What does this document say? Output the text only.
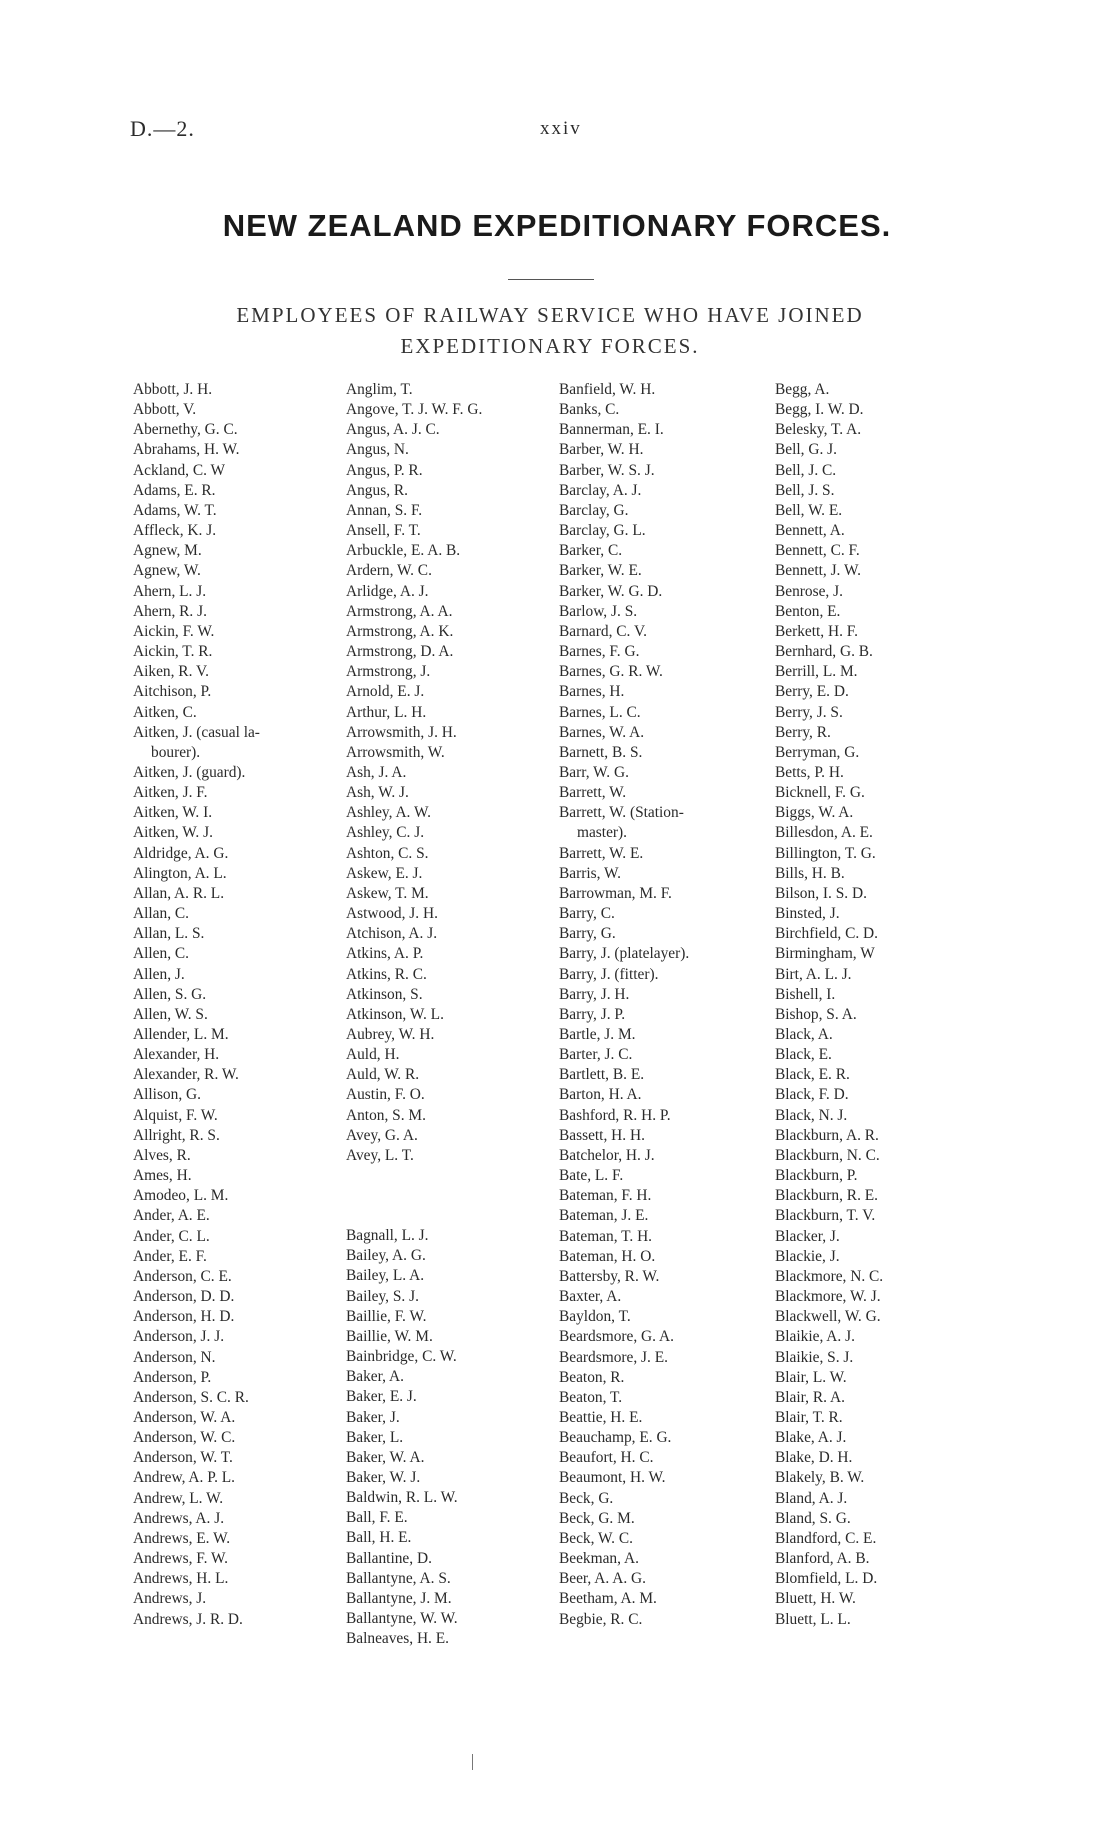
D.—2.	xxiv
NEW ZEALAND EXPEDITIONARY FORCES.
EMPLOYEES OF RAILWAY SERVICE WHO HAVE JOINED
EXPEDITIONARY FORCES.
Abbott, J. H.
Abbott, V.
Abernethy, G. C.
Abrahams, H. W.
Ackland, C. W
Adams, E. R.
Adams, W. T.
Affleck, K. J.
Agnew, M.
Agnew, W.
Ahern, L. J.
Ahern, R. J.
Aickin, F. W.
Aickin, T. R.
Aiken, R. V.
Aitchison, P.
Aitken, C.
Aitken, J. (casual la-
bourer).
Aitken, J. (guard).
Aitken, J. F.
Aitken, W. I.
Aitken, W. J.
Aldridge, A. G.
Alington, A. L.
Allan, A. R. L.
Allan, C.
Allan, L. S.
Allen, C.
Allen, J.
Allen, S. G.
Allen, W. S.
Allender, L. M.
Alexander, H.
Alexander, R. W.
Allison, G.
Alquist, F. W.
Allright, R. S.
Alves, R.
Ames, H.
Amodeo, L. M.
Ander, A. E.
Ander, C. L.
Ander, E. F.
Anderson, C. E.
Anderson, D. D.
Anderson, H. D.
Anderson, J. J.
Anderson, N.
Anderson, P.
Anderson, S. C. R.
Anderson, W. A.
Anderson, W. C.
Anderson, W. T.
Andrew, A. P. L.
Andrew, L. W.
Andrews, A. J.
Andrews, E. W.
Andrews, F. W.
Andrews, H. L.
Andrews, J.
Andrews, J. R. D.
Anglim, T.
Angove, T. J. W. F. G.
Angus, A. J. C.
Angus, N.
Angus, P. R.
Angus, R.
Annan, S. F.
Ansell, F. T.
Arbuckle, E. A. B.
Ardern, W. C.
Arlidge, A. J.
Armstrong, A. A.
Armstrong, A. K.
Armstrong, D. A.
Armstrong, J.
Arnold, E. J.
Arthur, L. H.
Arrowsmith, J. H.
Arrowsmith, W.
Ash, J. A.
Ash, W. J.
Ashley, A. W.
Ashley, C. J.
Ashton, C. S.
Askew, E. J.
Askew, T. M.
Astwood, J. H.
Atchison, A. J.
Atkins, A. P.
Atkins, R. C.
Atkinson, S.
Atkinson, W. L.
Aubrey, W. H.
Auld, H.
Auld, W. R.
Austin, F. O.
Anton, S. M.
Avey, G. A.
Avey, L. T.
Bagnall, L. J.
Bailey, A. G.
Bailey, L. A.
Bailey, S. J.
Baillie, F. W.
Baillie, W. M.
Bainbridge, C. W.
Baker, A.
Baker, E. J.
Baker, J.
Baker, L.
Baker, W. A.
Baker, W. J.
Baldwin, R. L. W.
Ball, F. E.
Ball, H. E.
Ballantine, D.
Ballantyne, A. S.
Ballantyne, J. M.
Ballantyne, W. W.
Balneaves, H. E.
Banfield, W. H.
Banks, C.
Bannerman, E. I.
Barber, W. H.
Barber, W. S. J.
Barclay, A. J.
Barclay, G.
Barclay, G. L.
Barker, C.
Barker, W. E.
Barker, W. G. D.
Barlow, J. S.
Barnard, C. V.
Barnes, F. G.
Barnes, G. R. W.
Barnes, H.
Barnes, L. C.
Barnes, W. A.
Barnett, B. S.
Barr, W. G.
Barrett, W.
Barrett, W. (Station-
master).
Barrett, W. E.
Barris, W.
Barrowman, M. F.
Barry, C.
Barry, G.
Barry, J. (platelayer).
Barry, J. (fitter).
Barry, J. H.
Barry, J. P.
Bartle, J. M.
Barter, J. C.
Bartlett, B. E.
Barton, H. A.
Bashford, R. H. P.
Bassett, H. H.
Batchelor, H. J.
Bate, L. F.
Bateman, F. H.
Bateman, J. E.
Bateman, T. H.
Bateman, H. O.
Battersby, R. W.
Baxter, A.
Bayldon, T.
Beardsmore, G. A.
Beardsmore, J. E.
Beaton, R.
Beaton, T.
Beattie, H. E.
Beauchamp, E. G.
Beaufort, H. C.
Beaumont, H. W.
Beck, G.
Beck, G. M.
Beck, W. C.
Beekman, A.
Beer, A. A. G.
Beetham, A. M.
Begbie, R. C.
Begg, A.
Begg, I. W. D.
Belesky, T. A.
Bell, G. J.
Bell, J. C.
Bell, J. S.
Bell, W. E.
Bennett, A.
Bennett, C. F.
Bennett, J. W.
Benrose, J.
Benton, E.
Berkett, H. F.
Bernhard, G. B.
Berrill, L. M.
Berry, E. D.
Berry, J. S.
Berry, R.
Berryman, G.
Betts, P. H.
Bicknell, F. G.
Biggs, W. A.
Billesdon, A. E.
Billington, T. G.
Bills, H. B.
Bilson, I. S. D.
Binsted, J.
Birchfield, C. D.
Birmingham, W
Birt, A. L. J.
Bishell, I.
Bishop, S. A.
Black, A.
Black, E.
Black, E. R.
Black, F. D.
Black, N. J.
Blackburn, A. R.
Blackburn, N. C.
Blackburn, P.
Blackburn, R. E.
Blackburn, T. V.
Blacker, J.
Blackie, J.
Blackmore, N. C.
Blackmore, W. J.
Blackwell, W. G.
Blaikie, A. J.
Blaikie, S. J.
Blair, L. W.
Blair, R. A.
Blair, T. R.
Blake, A. J.
Blake, D. H.
Blakely, B. W.
Bland, A. J.
Bland, S. G.
Blandford, C. E.
Blanford, A. B.
Blomfield, L. D.
Bluett, H. W.
Bluett, L. L.
